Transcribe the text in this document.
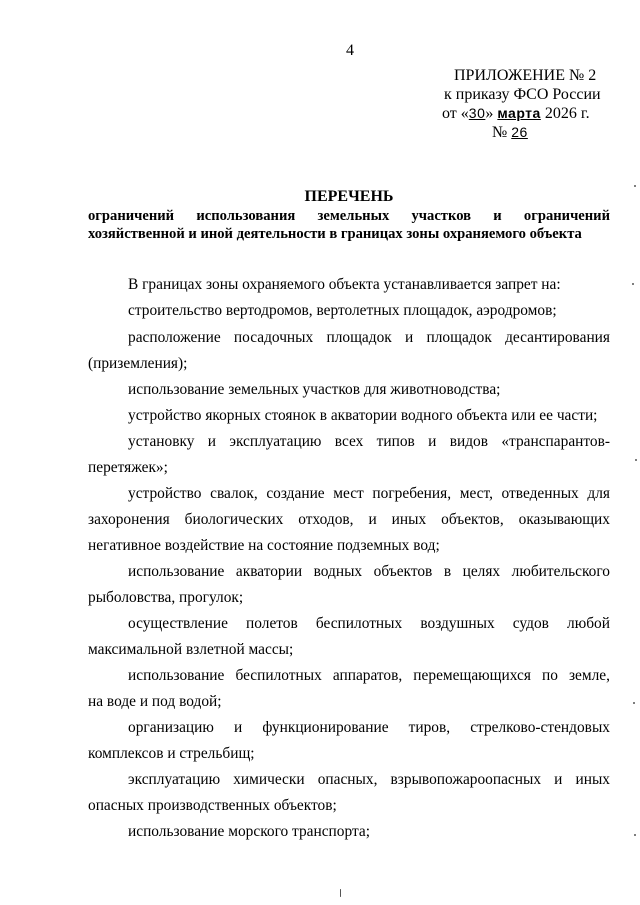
4
ПРИЛОЖЕНИЕ № 2
к приказу ФСО России
от «30» марта 2026 г.
№ 26
ПЕРЕЧЕНЬ
ограничений использования земельных участков и ограничений хозяйственной и иной деятельности в границах зоны охраняемого объекта
В границах зоны охраняемого объекта устанавливается запрет на:
строительство вертодромов, вертолетных площадок, аэродромов;
расположение посадочных площадок и площадок десантирования
(приземления);
использование земельных участков для животноводства;
устройство якорных стоянок в акватории водного объекта или ее части;
установку и эксплуатацию всех типов и видов «транспарантов-
перетяжек»;
устройство свалок, создание мест погребения, мест, отведенных для
захоронения биологических отходов, и иных объектов, оказывающих
негативное воздействие на состояние подземных вод;
использование акватории водных объектов в целях любительского
рыболовства, прогулок;
осуществление полетов беспилотных воздушных судов любой
максимальной взлетной массы;
использование беспилотных аппаратов, перемещающихся по земле,
на воде и под водой;
организацию и функционирование тиров, стрелково-стендовых
комплексов и стрельбищ;
эксплуатацию химически опасных, взрывопожароопасных и иных
опасных производственных объектов;
использование морского транспорта;
